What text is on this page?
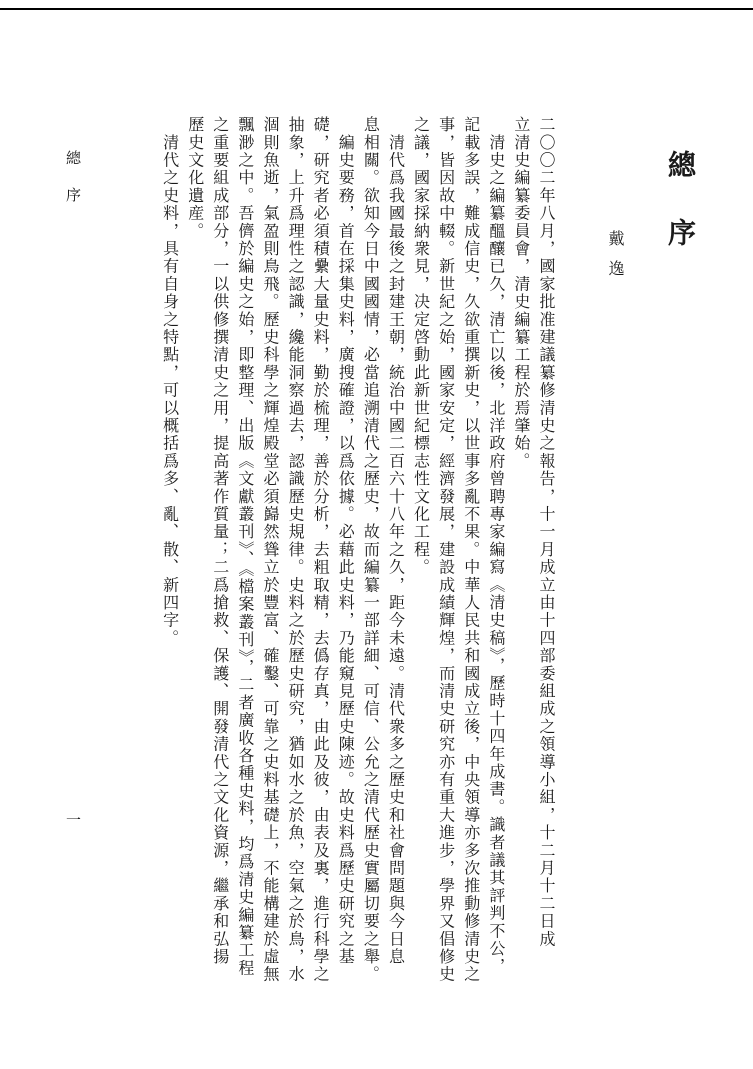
總序
戴逸
二〇〇二年八月，國家批准建議纂修清史之報告，十一月成立由十四部委組成之領導小組，十二月十二日成
立清史編纂委員會，清史編纂工程於焉肇始。
　清史之編纂醞釀已久，清亡以後，北洋政府曾聘專家編寫《清史稿》，歷時十四年成書。識者議其評判不公，
記載多誤，難成信史，久欲重撰新史，以世事多亂不果。中華人民共和國成立後，中央領導亦多次推動修清史之
事，皆因故中輟。新世紀之始，國家安定，經濟發展，建設成績輝煌，而清史研究亦有重大進步，學界又倡修史
之議，國家採納衆見，决定啓動此新世紀標志性文化工程。
　清代爲我國最後之封建王朝，統治中國二百六十八年之久，距今未遠。清代衆多之歷史和社會問題與今日息
息相關。欲知今日中國國情，必當追溯清代之歷史，故而編纂一部詳細、可信、公允之清代歷史實屬切要之舉。
　編史要務，首在採集史料，廣搜確證，以爲依據。必藉此史料，乃能窺見歷史陳迹。故史料爲歷史研究之基
礎，研究者必須積纍大量史料，勤於梳理，善於分析，去粗取精，去僞存真，由此及彼，由表及裏，進行科學之
抽象，上升爲理性之認識，纔能洞察過去，認識歷史規律。史料之於歷史研究，猶如水之於魚，空氣之於鳥，水
涸則魚逝，氣盈則鳥飛。歷史科學之輝煌殿堂必須巋然聳立於豐富、確鑿、可靠之史料基礎上，不能構建於虛無
飄渺之中。吾儕於編史之始，即整理、出版《文獻叢刊》、《檔案叢刊》，二者廣收各種史料，均爲清史編纂工程
之重要組成部分，一以供修撰清史之用，提高著作質量；二爲搶救、保護、開發清代之文化資源，繼承和弘揚
歷史文化遺産。
　清代之史料，具有自身之特點，可以概括爲多、亂、散、新四字。
總序
一
